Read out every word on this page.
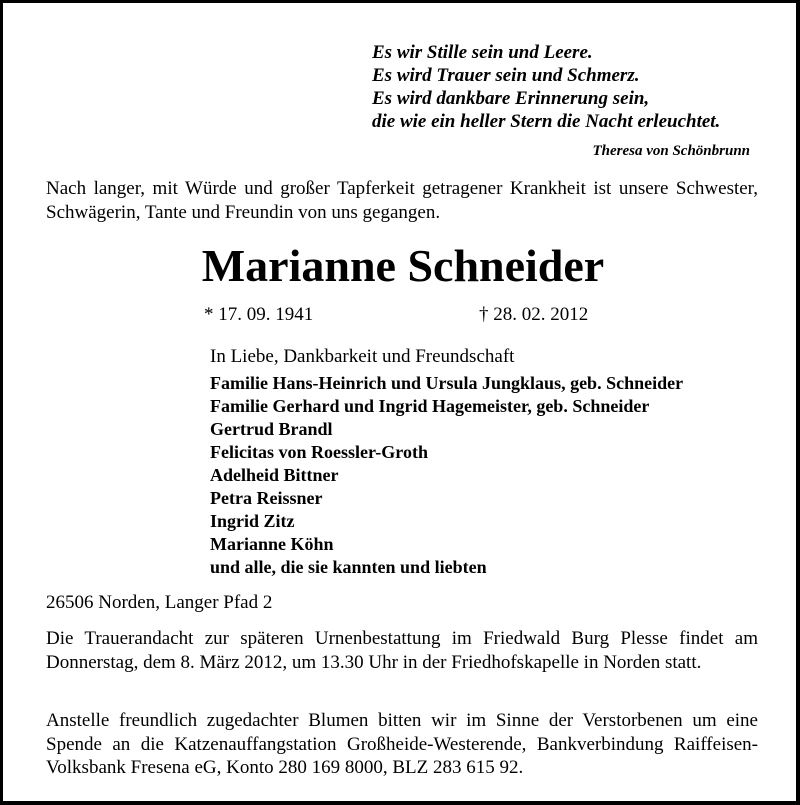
Es wir Stille sein und Leere.
Es wird Trauer sein und Schmerz.
Es wird dankbare Erinnerung sein,
die wie ein heller Stern die Nacht erleuchtet.
Theresa von Schönbrunn
Nach langer, mit Würde und großer Tapferkeit getragener Krankheit ist unsere Schwester, Schwägerin, Tante und Freundin von uns gegangen.
Marianne Schneider
* 17. 09. 1941	† 28. 02. 2012
In Liebe, Dankbarkeit und Freundschaft
Familie Hans-Heinrich und Ursula Jungklaus, geb. Schneider
Familie Gerhard und Ingrid Hagemeister, geb. Schneider
Gertrud Brandl
Felicitas von Roessler-Groth
Adelheid Bittner
Petra Reissner
Ingrid Zitz
Marianne Köhn
und alle, die sie kannten und liebten
26506 Norden, Langer Pfad 2
Die Trauerandacht zur späteren Urnenbestattung im Friedwald Burg Plesse findet am Donnerstag, dem 8. März 2012, um 13.30 Uhr in der Friedhofskapelle in Norden statt.
Anstelle freundlich zugedachter Blumen bitten wir im Sinne der Verstorbenen um eine Spende an die Katzenauffangstation Großheide-Westerende, Bankverbindung Raiffeisen-Volksbank Fresena eG, Konto 280 169 8000, BLZ 283 615 92.
